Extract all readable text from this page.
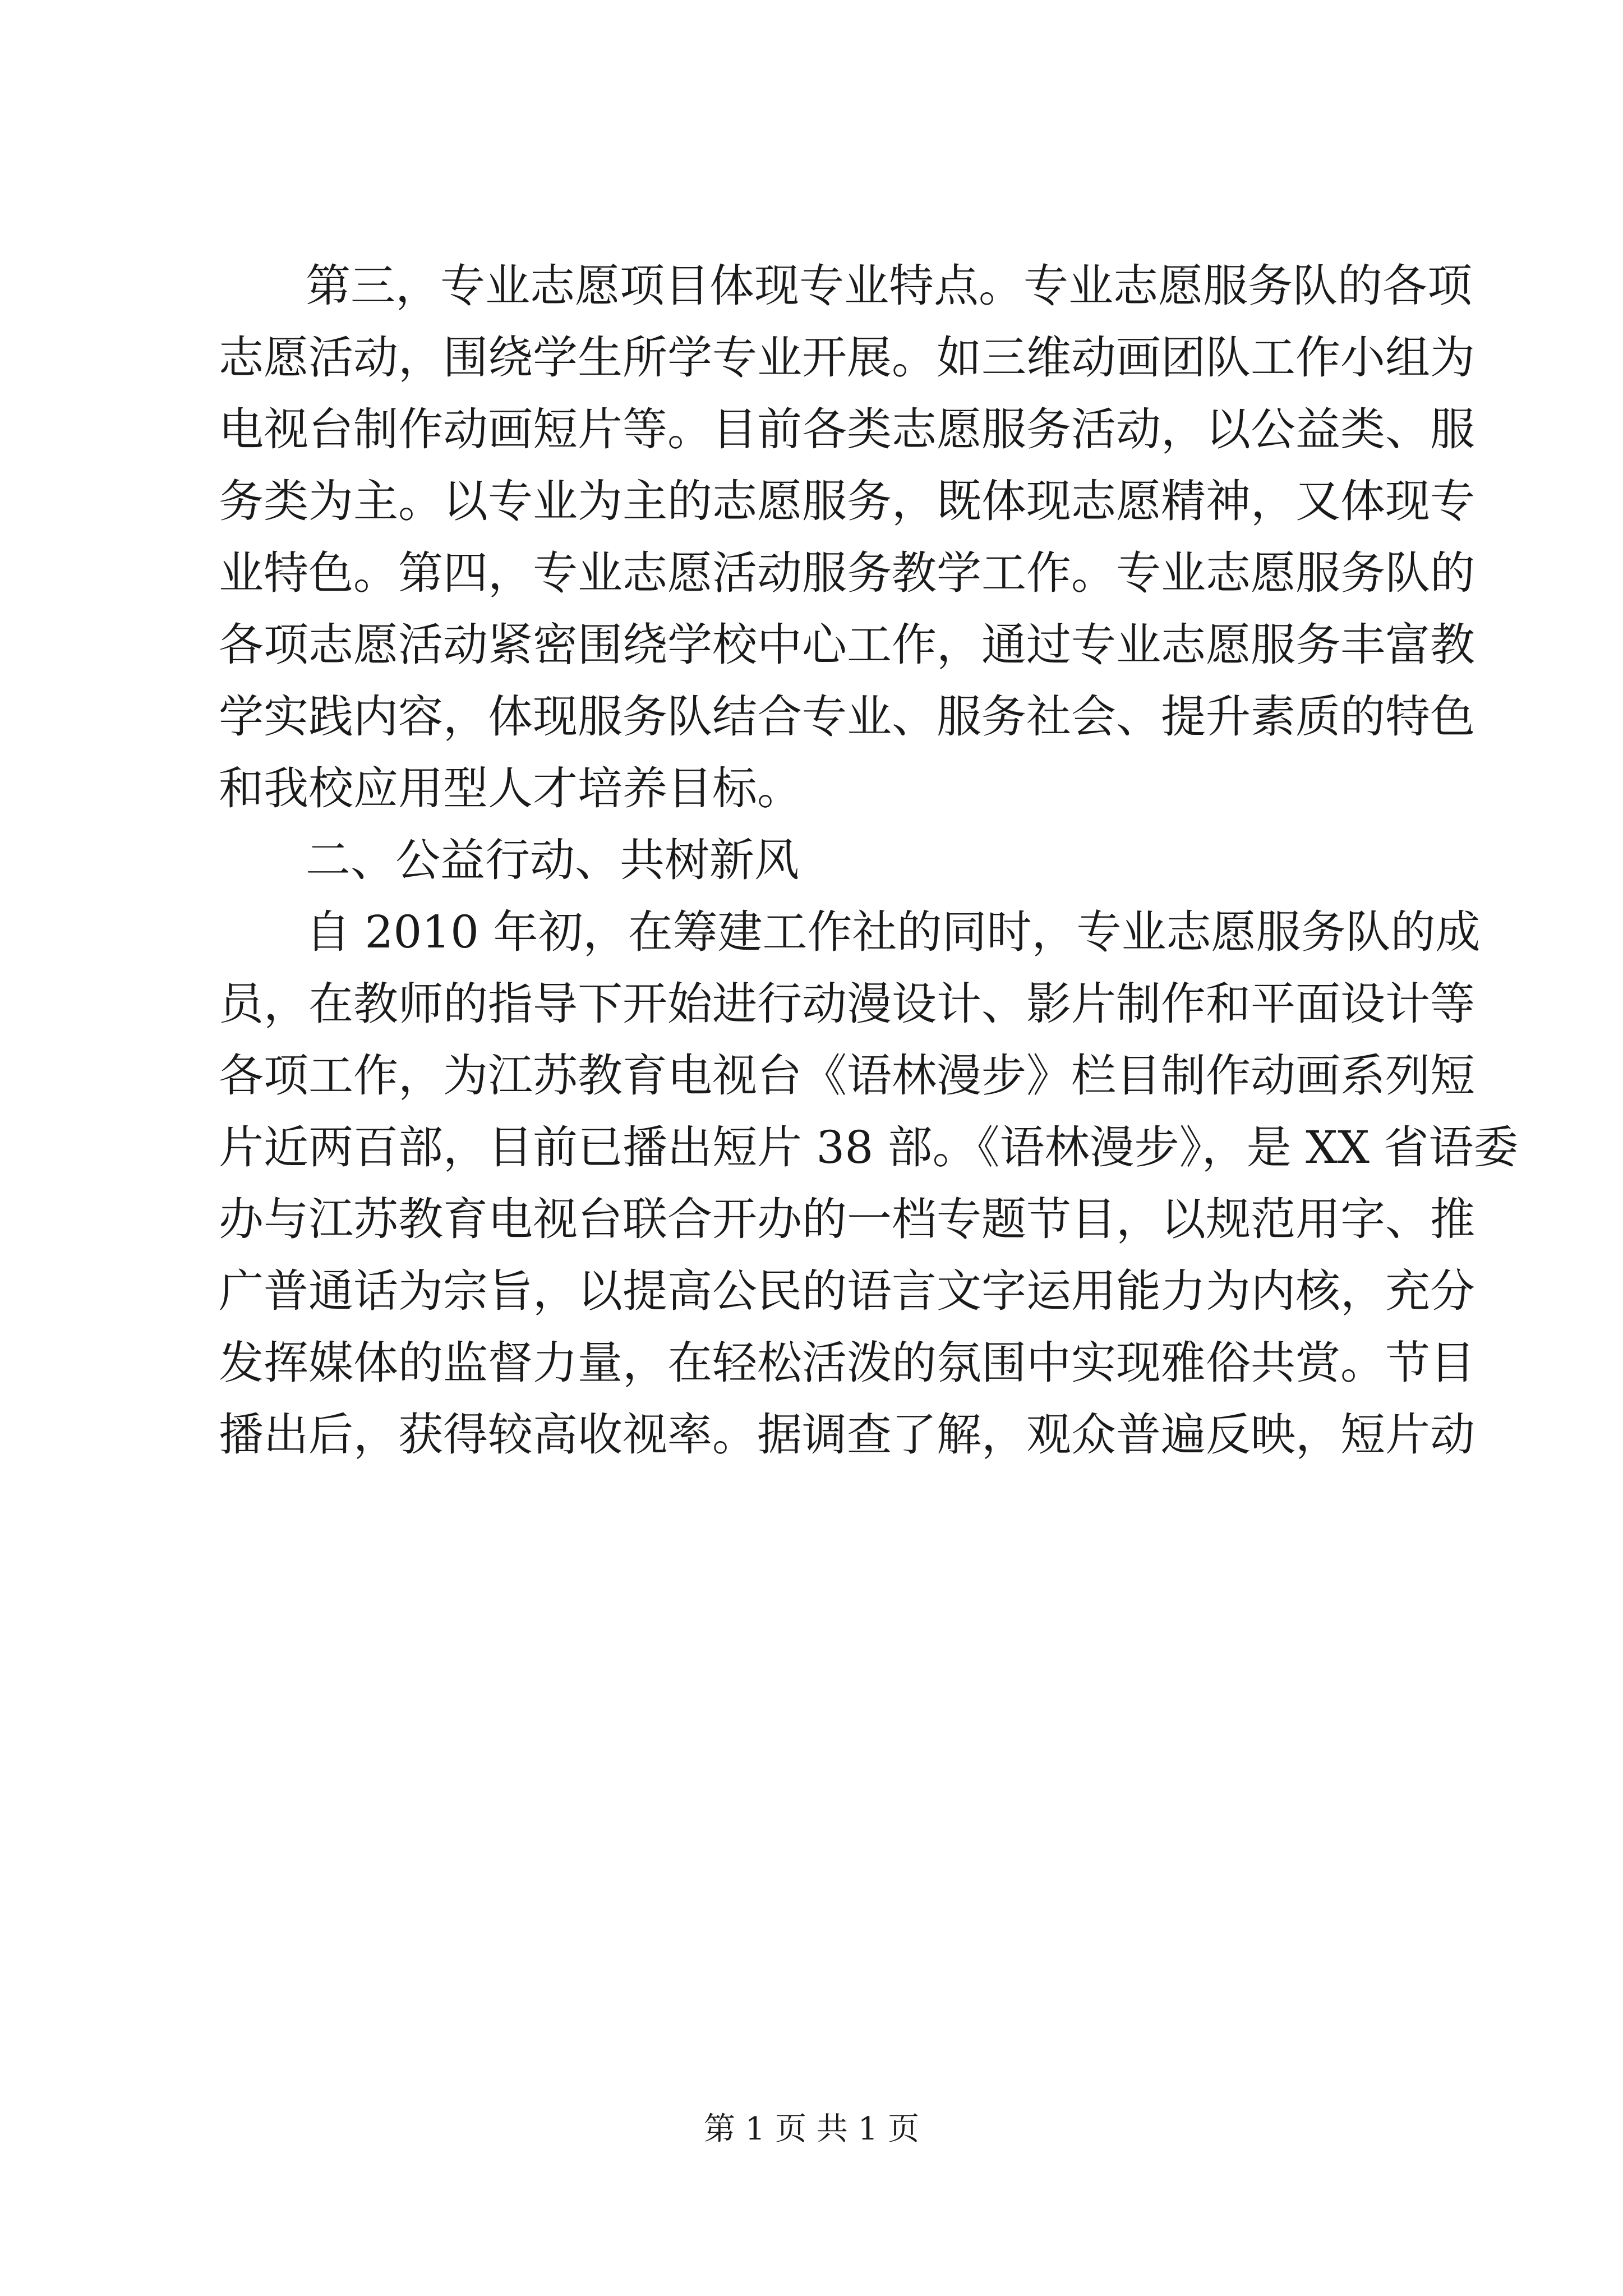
第三，专业志愿项目体现专业特点。专业志愿服务队的各项
志愿活动，围绕学生所学专业开展。如三维动画团队工作小组为
电视台制作动画短片等。目前各类志愿服务活动，以公益类、服
务类为主。以专业为主的志愿服务，既体现志愿精神，又体现专
业特色。第四，专业志愿活动服务教学工作。专业志愿服务队的
各项志愿活动紧密围绕学校中心工作，通过专业志愿服务丰富教
学实践内容，体现服务队结合专业、服务社会、提升素质的特色
和我校应用型人才培养目标。
二、公益行动、共树新风
自 2010 年初，在筹建工作社的同时，专业志愿服务队的成
员，在教师的指导下开始进行动漫设计、影片制作和平面设计等
各项工作，为江苏教育电视台《语林漫步》栏目制作动画系列短
片近两百部，目前已播出短片 38 部。《语林漫步》，是 XX 省语委
办与江苏教育电视台联合开办的一档专题节目，以规范用字、推
广普通话为宗旨，以提高公民的语言文字运用能力为内核，充分
发挥媒体的监督力量，在轻松活泼的氛围中实现雅俗共赏。节目
播出后，获得较高收视率。据调查了解，观众普遍反映，短片动
第 1 页 共 1 页
